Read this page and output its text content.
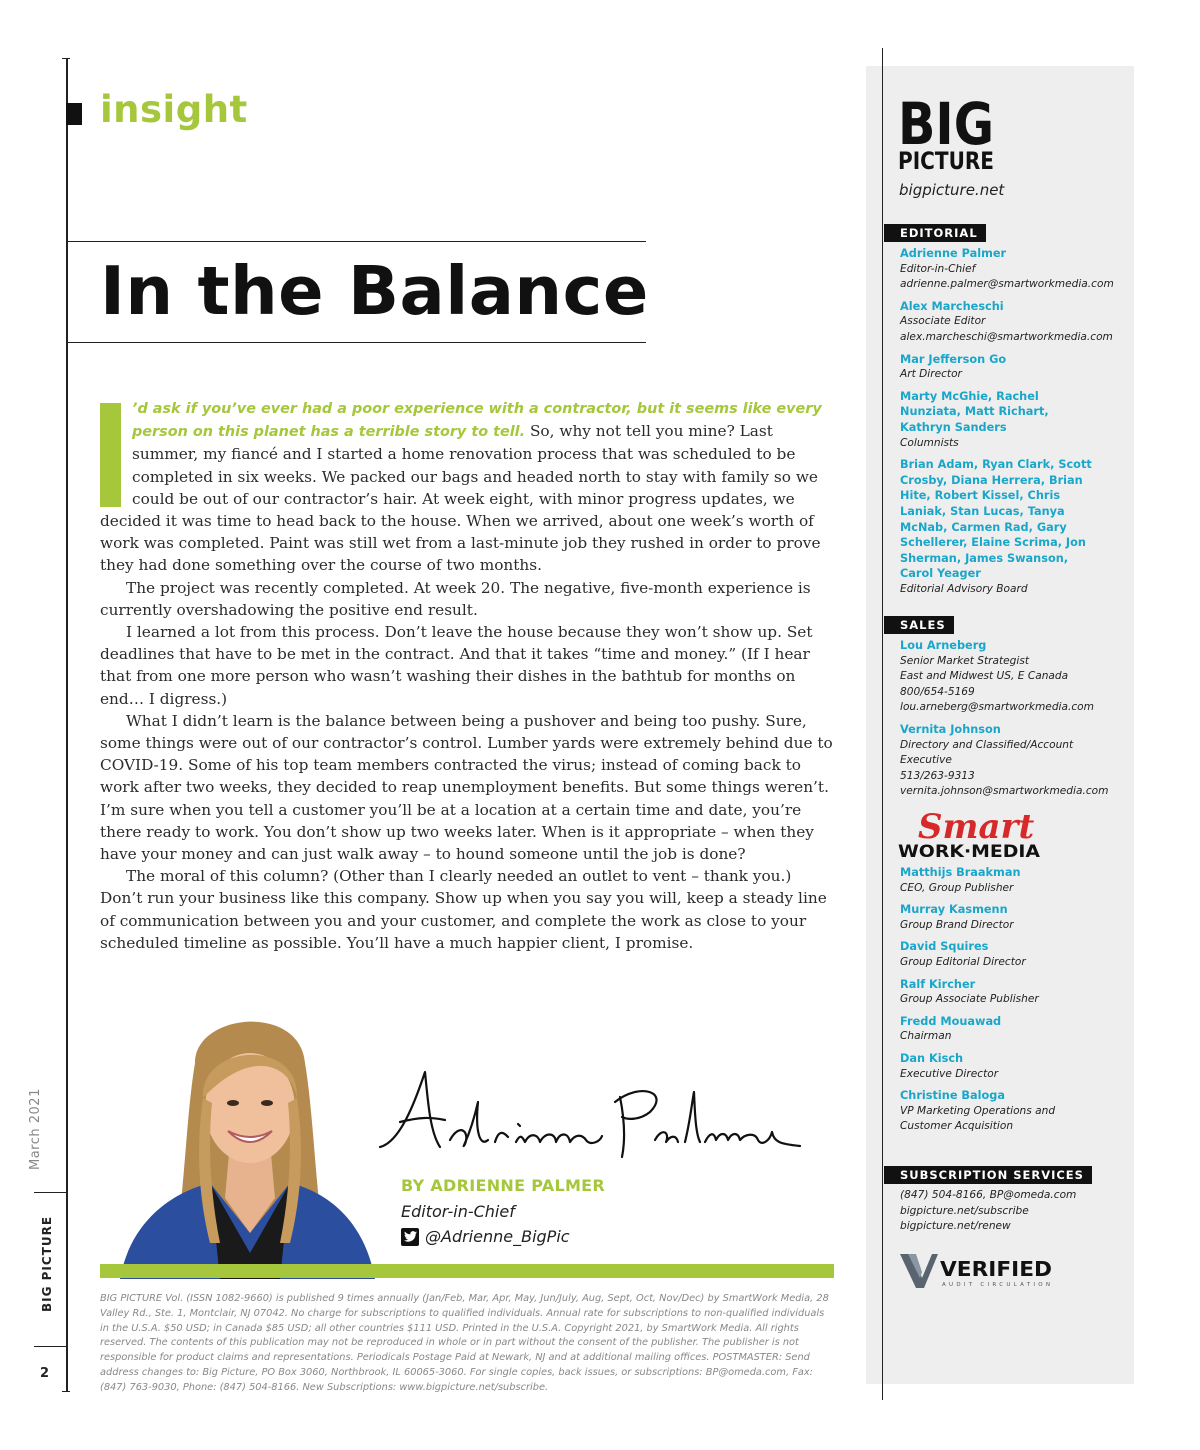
March 2021
BIG PICTURE
2
insight
In the Balance

’d ask if you’ve ever had a poor experience with a contractor, but it seems like every person on this planet has a terrible story to tell. So, why not tell you mine? Last summer, my fiancé and I started a home renovation process that was scheduled to be completed in six weeks. We packed our bags and headed north to stay with family so we could be out of our contractor’s hair. At week eight, with minor progress updates, we decided it was time to head back to the house. When we arrived, about one week’s worth of work was completed. Paint was still wet from a last-minute job they rushed in order to prove they had done something over the course of two months.

The project was recently completed. At week 20. The negative, five-month experience is currently overshadowing the positive end result.

I learned a lot from this process. Don’t leave the house because they won’t show up. Set deadlines that have to be met in the contract. And that it takes “time and money.” (If I hear that from one more person who wasn’t washing their dishes in the bathtub for months on end… I digress.)

What I didn’t learn is the balance between being a pushover and being too pushy. Sure, some things were out of our contractor’s control. Lumber yards were extremely behind due to COVID-19. Some of his top team members contracted the virus; instead of coming back to work after two weeks, they decided to reap unemployment benefits. But some things weren’t. I’m sure when you tell a customer you’ll be at a location at a certain time and date, you’re there ready to work. You don’t show up two weeks later. When is it appropriate – when they have your money and can just walk away – to hound someone until the job is done?

The moral of this column? (Other than I clearly needed an outlet to vent – thank you.) Don’t run your business like this company. Show up when you say you will, keep a steady line of communication between you and your customer, and complete the work as close to your scheduled timeline as possible. You’ll have a much happier client, I promise.

BY ADRIENNE PALMER
Editor-in-Chief
@Adrienne_BigPic
BIG PICTURE Vol. (ISSN 1082-9660) is published 9 times annually (Jan/Feb, Mar, Apr, May, Jun/July, Aug, Sept, Oct, Nov/Dec) by SmartWork Media, 28 Valley Rd., Ste. 1, Montclair, NJ 07042. No charge for subscriptions to qualified individuals. Annual rate for subscriptions to non-qualified individuals in the U.S.A. $50 USD; in Canada $85 USD; all other countries $111 USD. Printed in the U.S.A. Copyright 2021, by SmartWork Media. All rights reserved. The contents of this publication may not be reproduced in whole or in part without the consent of the publisher. The publisher is not responsible for product claims and representations. Periodicals Postage Paid at Newark, NJ and at additional mailing offices. POSTMASTER: Send address changes to: Big Picture, PO Box 3060, Northbrook, IL 60065-3060. For single copies, back issues, or subscriptions: BP@omeda.com, Fax: (847) 763-9030, Phone: (847) 504-8166. New Subscriptions: www.bigpicture.net/subscribe.
BIG
PICTURE
bigpicture.net
EDITORIAL
Adrienne Palmer
Editor-in-Chief
adrienne.palmer@smartworkmedia.com
Alex Marcheschi
Associate Editor
alex.marcheschi@smartworkmedia.com
Mar Jefferson Go
Art Director
Marty McGhie, Rachel Nunziata, Matt Richart, Kathryn Sanders
Columnists
Brian Adam, Ryan Clark, Scott Crosby, Diana Herrera, Brian Hite, Robert Kissel, Chris Laniak, Stan Lucas, Tanya McNab, Carmen Rad, Gary Schellerer, Elaine Scrima, Jon Sherman, James Swanson, Carol Yeager
Editorial Advisory Board
SALES
Lou Arneberg
Senior Market Strategist
East and Midwest US, E Canada
800/654-5169
lou.arneberg@smartworkmedia.com
Vernita Johnson
Directory and Classified/Account Executive
513/263-9313
vernita.johnson@smartworkmedia.com
Smart
WORK·MEDIA
Matthijs Braakman
CEO, Group Publisher
Murray Kasmenn
Group Brand Director
David Squires
Group Editorial Director
Ralf Kircher
Group Associate Publisher
Fredd Mouawad
Chairman
Dan Kisch
Executive Director
Christine Baloga
VP Marketing Operations and
Customer Acquisition
SUBSCRIPTION SERVICES
(847) 504-8166, BP@omeda.com
bigpicture.net/subscribe
bigpicture.net/renew
VERIFIED
AUDIT CIRCULATION
